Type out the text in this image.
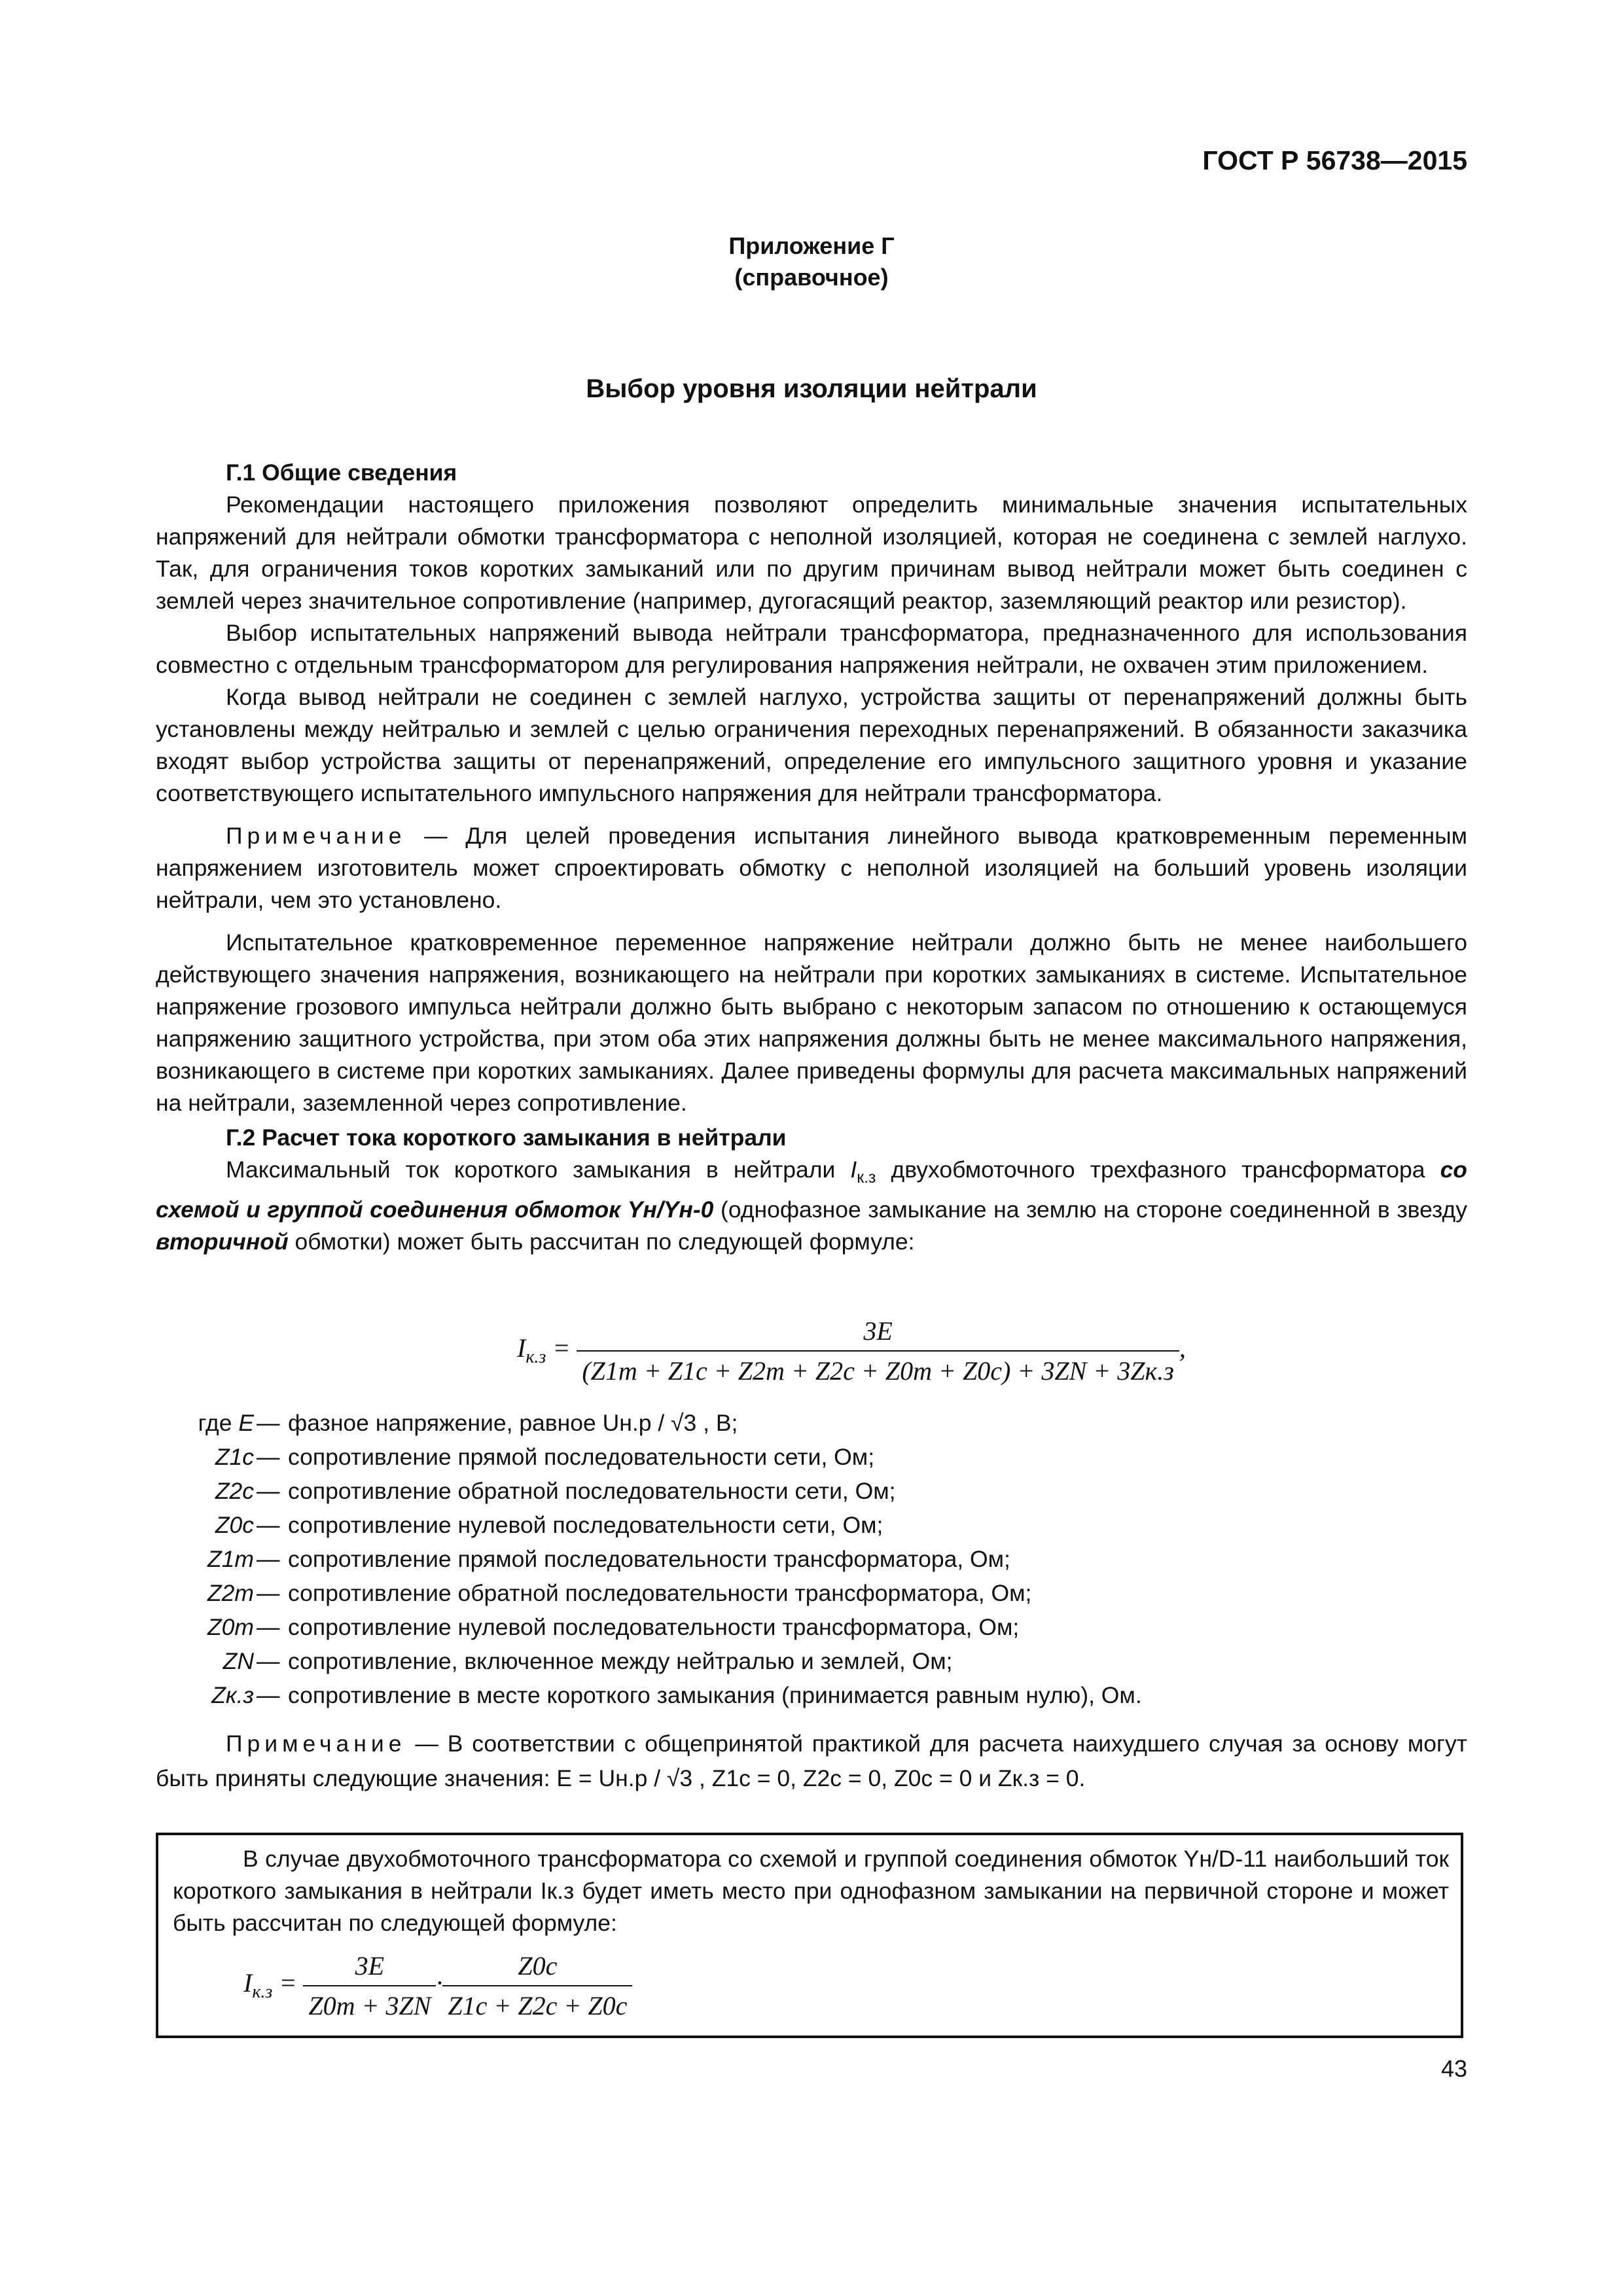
ГОСТ Р 56738—2015
Приложение Г
(справочное)
Выбор уровня изоляции нейтрали

Г.1 Общие сведения

Рекомендации настоящего приложения позволяют определить минимальные значения испытательных напряжений для нейтрали обмотки трансформатора с неполной изоляцией, которая не соединена с землей наглухо. Так, для ограничения токов коротких замыканий или по другим причинам вывод нейтрали может быть соединен с землей через значительное сопротивление (например, дугогасящий реактор, заземляющий реактор или резистор).

Выбор испытательных напряжений вывода нейтрали трансформатора, предназначенного для использования совместно с отдельным трансформатором для регулирования напряжения нейтрали, не охвачен этим приложением.

Когда вывод нейтрали не соединен с землей наглухо, устройства защиты от перенапряжений должны быть установлены между нейтралью и землей с целью ограничения переходных перенапряжений. В обязанности заказчика входят выбор устройства защиты от перенапряжений, определение его импульсного защитного уровня и указание соответствующего испытательного импульсного напряжения для нейтрали трансформатора.

Примечание — Для целей проведения испытания линейного вывода кратковременным переменным напряжением изготовитель может спроектировать обмотку с неполной изоляцией на больший уровень изоляции нейтрали, чем это установлено.

Испытательное кратковременное переменное напряжение нейтрали должно быть не менее наибольшего действующего значения напряжения, возникающего на нейтрали при коротких замыканиях в системе. Испытательное напряжение грозового импульса нейтрали должно быть выбрано с некоторым запасом по отношению к остающемуся напряжению защитного устройства, при этом оба этих напряжения должны быть не менее максимального напряжения, возникающего в системе при коротких замыканиях. Далее приведены формулы для расчета максимальных напряжений на нейтрали, заземленной через сопротивление.

Г.2 Расчет тока короткого замыкания в нейтрали

Максимальный ток короткого замыкания в нейтрали $I_{к.з}$ двухобмоточного трехфазного трансформатора со схемой и группой соединения обмоток Yн/Yн-0 (однофазное замыкание на землю на стороне соединенной в звезду вторичной обмотки) может быть рассчитан по следующей формуле:

$I_{к.з} = \frac{3E}{(Z1т + Z1с + Z2т + Z2с + Z0т + Z0с) + 3ZN + 3Zк.з}$ ,
где E	—	фазное напряжение, равное Uн.р / √3 , В;
Z1с	—	сопротивление прямой последовательности сети, Ом;
Z2с	—	сопротивление обратной последовательности сети, Ом;
Z0с	—	сопротивление нулевой последовательности сети, Ом;
Z1т	—	сопротивление прямой последовательности трансформатора, Ом;
Z2т	—	сопротивление обратной последовательности трансформатора, Ом;
Z0т	—	сопротивление нулевой последовательности трансформатора, Ом;
ZN	—	сопротивление, включенное между нейтралью и землей, Ом;
Zк.з	—	сопротивление в месте короткого замыкания (принимается равным нулю), Ом.

Примечание — В соответствии с общепринятой практикой для расчета наихудшего случая за основу могут быть приняты следующие значения: E = Uн.р / √3 , Z1с = 0, Z2с = 0, Z0с = 0 и Zк.з = 0.

В случае двухобмоточного трансформатора со схемой и группой соединения обмоток Yн/D-11 наибольший ток короткого замыкания в нейтрали Iк.з будет иметь место при однофазном замыкании на первичной стороне и может быть рассчитан по следующей формуле:

$I_{к.з} = \frac{3E}{Z0т + 3ZN} \cdot \frac{Z0с}{Z1с + Z2с + Z0с}$
43
